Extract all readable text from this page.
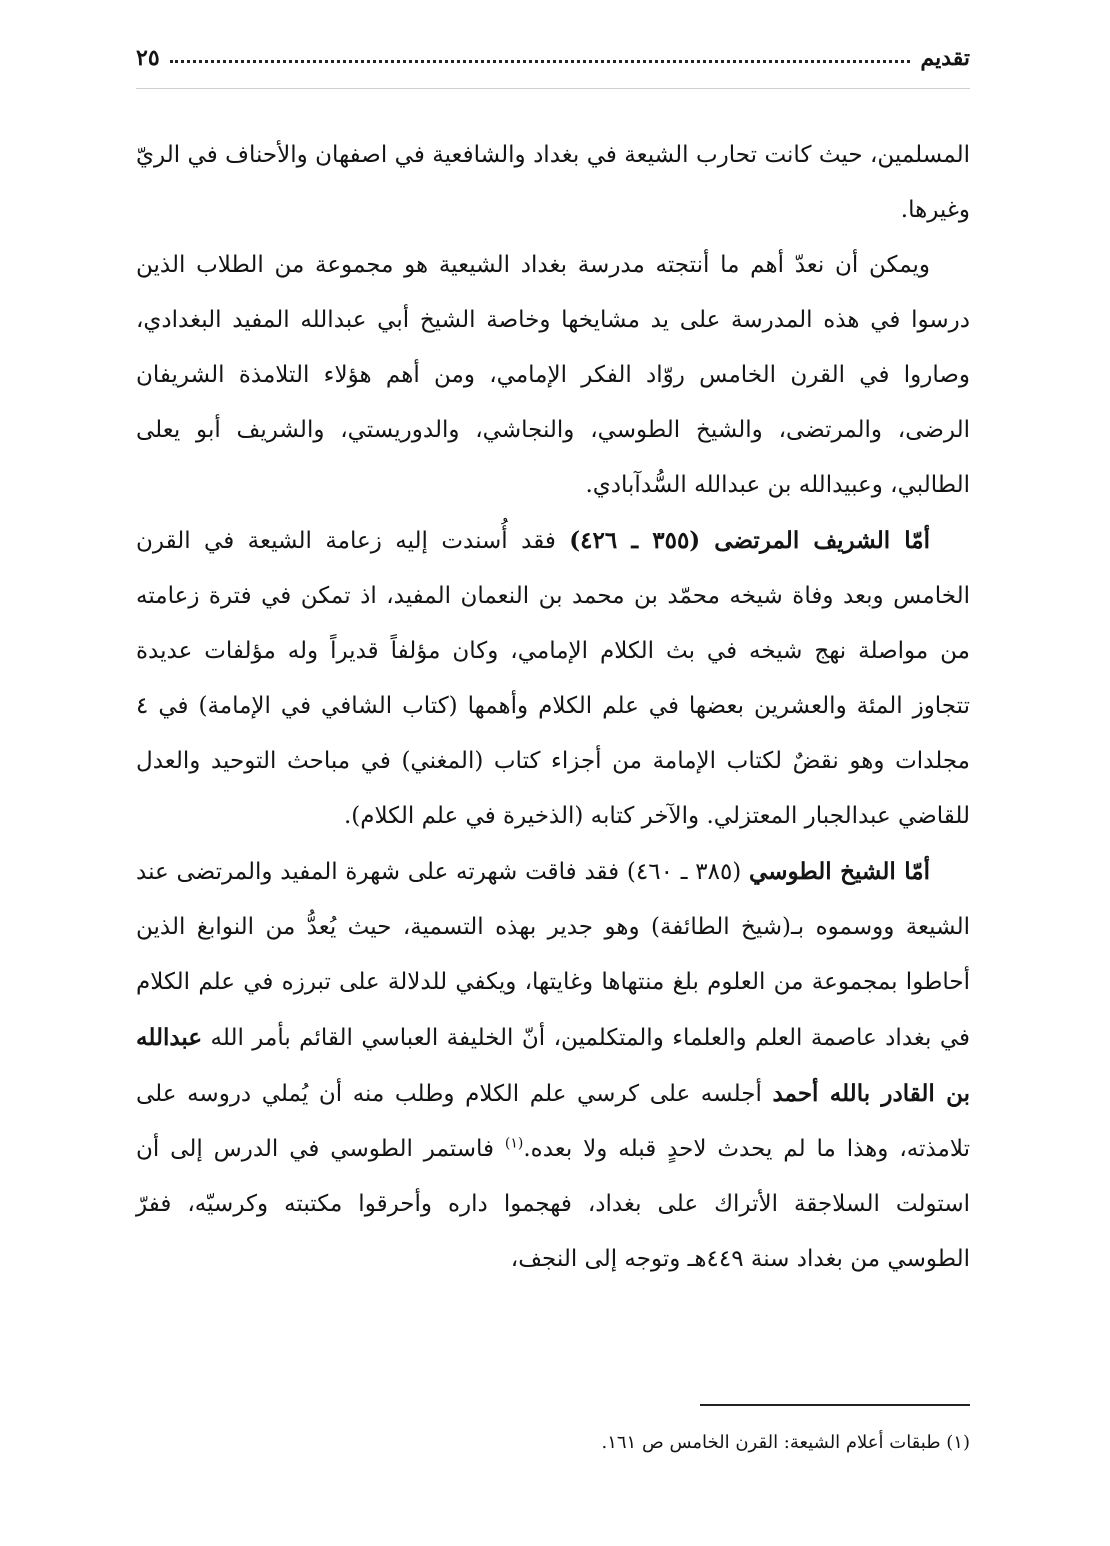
تقديم
٢٥

المسلمين، حيث كانت تحارب الشيعة في بغداد والشافعية في اصفهان والأحناف في الريّ وغيرها.

ويمكن أن نعدّ أهم ما أنتجته مدرسة بغداد الشيعية هو مجموعة من الطلاب الذين درسوا في هذه المدرسة على يد مشايخها وخاصة الشيخ أبي عبدالله المفيد البغدادي، وصاروا في القرن الخامس روّاد الفكر الإمامي، ومن أهم هؤلاء التلامذة الشريفان الرضى، والمرتضى، والشيخ الطوسي، والنجاشي، والدوريستي، والشريف أبو يعلى الطالبي، وعبيدالله بن عبدالله السُّدآبادي.

أمّا الشريف المرتضى (٣٥٥ ـ ٤٢٦) فقد أُسندت إليه زعامة الشيعة في القرن الخامس وبعد وفاة شيخه محمّد بن محمد بن النعمان المفيد، اذ تمكن في فترة زعامته من مواصلة نهج شيخه في بث الكلام الإمامي، وكان مؤلفاً قديراً وله مؤلفات عديدة تتجاوز المئة والعشرين بعضها في علم الكلام وأهمها (كتاب الشافي في الإمامة) في ٤ مجلدات وهو نقضٌ لكتاب الإمامة من أجزاء كتاب (المغني) في مباحث التوحيد والعدل للقاضي عبدالجبار المعتزلي. والآخر كتابه (الذخيرة في علم الكلام).

أمّا الشيخ الطوسي (٣٨٥ ـ ٤٦٠) فقد فاقت شهرته على شهرة المفيد والمرتضى عند الشيعة ووسموه بـ(شيخ الطائفة) وهو جدير بهذه التسمية، حيث يُعدُّ من النوابغ الذين أحاطوا بمجموعة من العلوم بلغ منتهاها وغايتها، ويكفي للدلالة على تبرزه في علم الكلام في بغداد عاصمة العلم والعلماء والمتكلمين، أنّ الخليفة العباسي القائم بأمر الله عبدالله بن القادر بالله أحمد أجلسه على كرسي علم الكلام وطلب منه أن يُملي دروسه على تلامذته، وهذا ما لم يحدث لاحدٍ قبله ولا بعده.$^{(١)}$ فاستمر الطوسي في الدرس إلى أن استولت السلاجقة الأتراك على بغداد، فهجموا داره وأحرقوا مكتبته وكرسيّه، ففرّ الطوسي من بغداد سنة ٤٤٩هـ وتوجه إلى النجف،

(١) طبقات أعلام الشيعة: القرن الخامس ص ١٦١.
